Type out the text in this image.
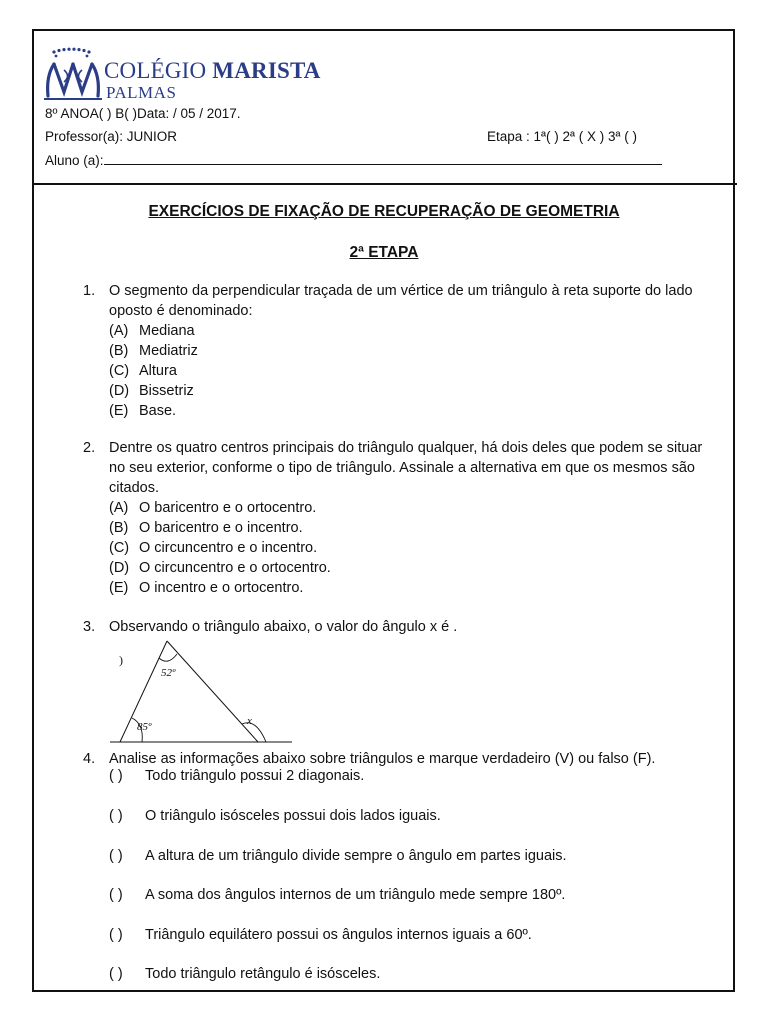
COLÉGIO MARISTA
PALMAS
8º ANOA( ) B( )Data: / 05 / 2017.
Professor(a): JUNIOR	Etapa : 1ª( ) 2ª ( X ) 3ª ( )
Aluno (a):
EXERCÍCIOS DE FIXAÇÃO DE RECUPERAÇÃO DE GEOMETRIA
2ª ETAPA
1. O segmento da perpendicular traçada de um vértice de um triângulo à reta suporte do lado oposto é denominado:
(A) Mediana
(B) Mediatriz
(C) Altura
(D) Bissetriz
(E) Base.
2. Dentre os quatro centros principais do triângulo qualquer, há dois deles que podem se situar no seu exterior, conforme o tipo de triângulo. Assinale a alternativa em que os mesmos são citados.
(A) O baricentro e o ortocentro.
(B) O baricentro e o incentro.
(C) O circuncentro e o incentro.
(D) O circuncentro e o ortocentro.
(E) O incentro e o ortocentro.
3. Observando o triângulo abaixo, o valor do ângulo x é .
)
52º
85º	x
4. Analise as informações abaixo sobre triângulos e marque verdadeiro (V) ou falso (F).
( ) Todo triângulo possui 2 diagonais.
( ) O triângulo isósceles possui dois lados iguais.
( ) A altura de um triângulo divide sempre o ângulo em partes iguais.
( ) A soma dos ângulos internos de um triângulo mede sempre 180º.
( ) Triângulo equilátero possui os ângulos internos iguais a 60º.
( ) Todo triângulo retângulo é isósceles.
